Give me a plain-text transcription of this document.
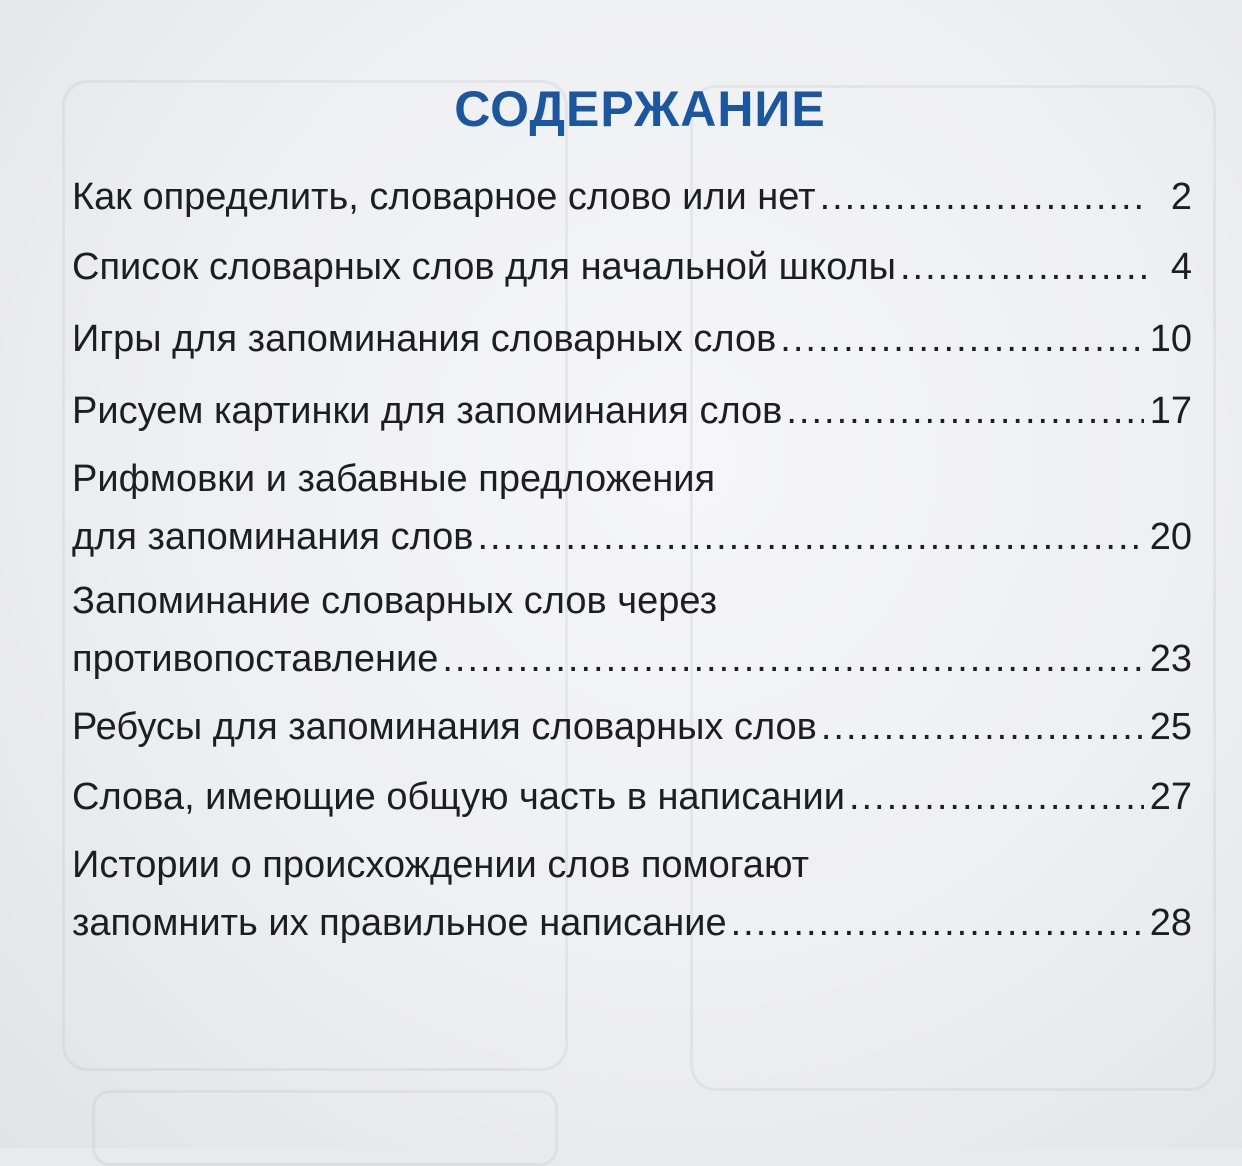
СОДЕРЖАНИЕ
Как определить, словарное слово или нет .....	2
Список словарных слов для начальной школы .....	4
Игры для запоминания словарных слов .....	10
Рисуем картинки для запоминания слов .....	17
Рифмовки и забавные предложения
для запоминания слов .....	20
Запоминание словарных слов через
противопоставление .....	23
Ребусы для запоминания словарных слов .....	25
Слова, имеющие общую часть в написании .....	27
Истории о происхождении слов помогают
запомнить их правильное написание .....	28
